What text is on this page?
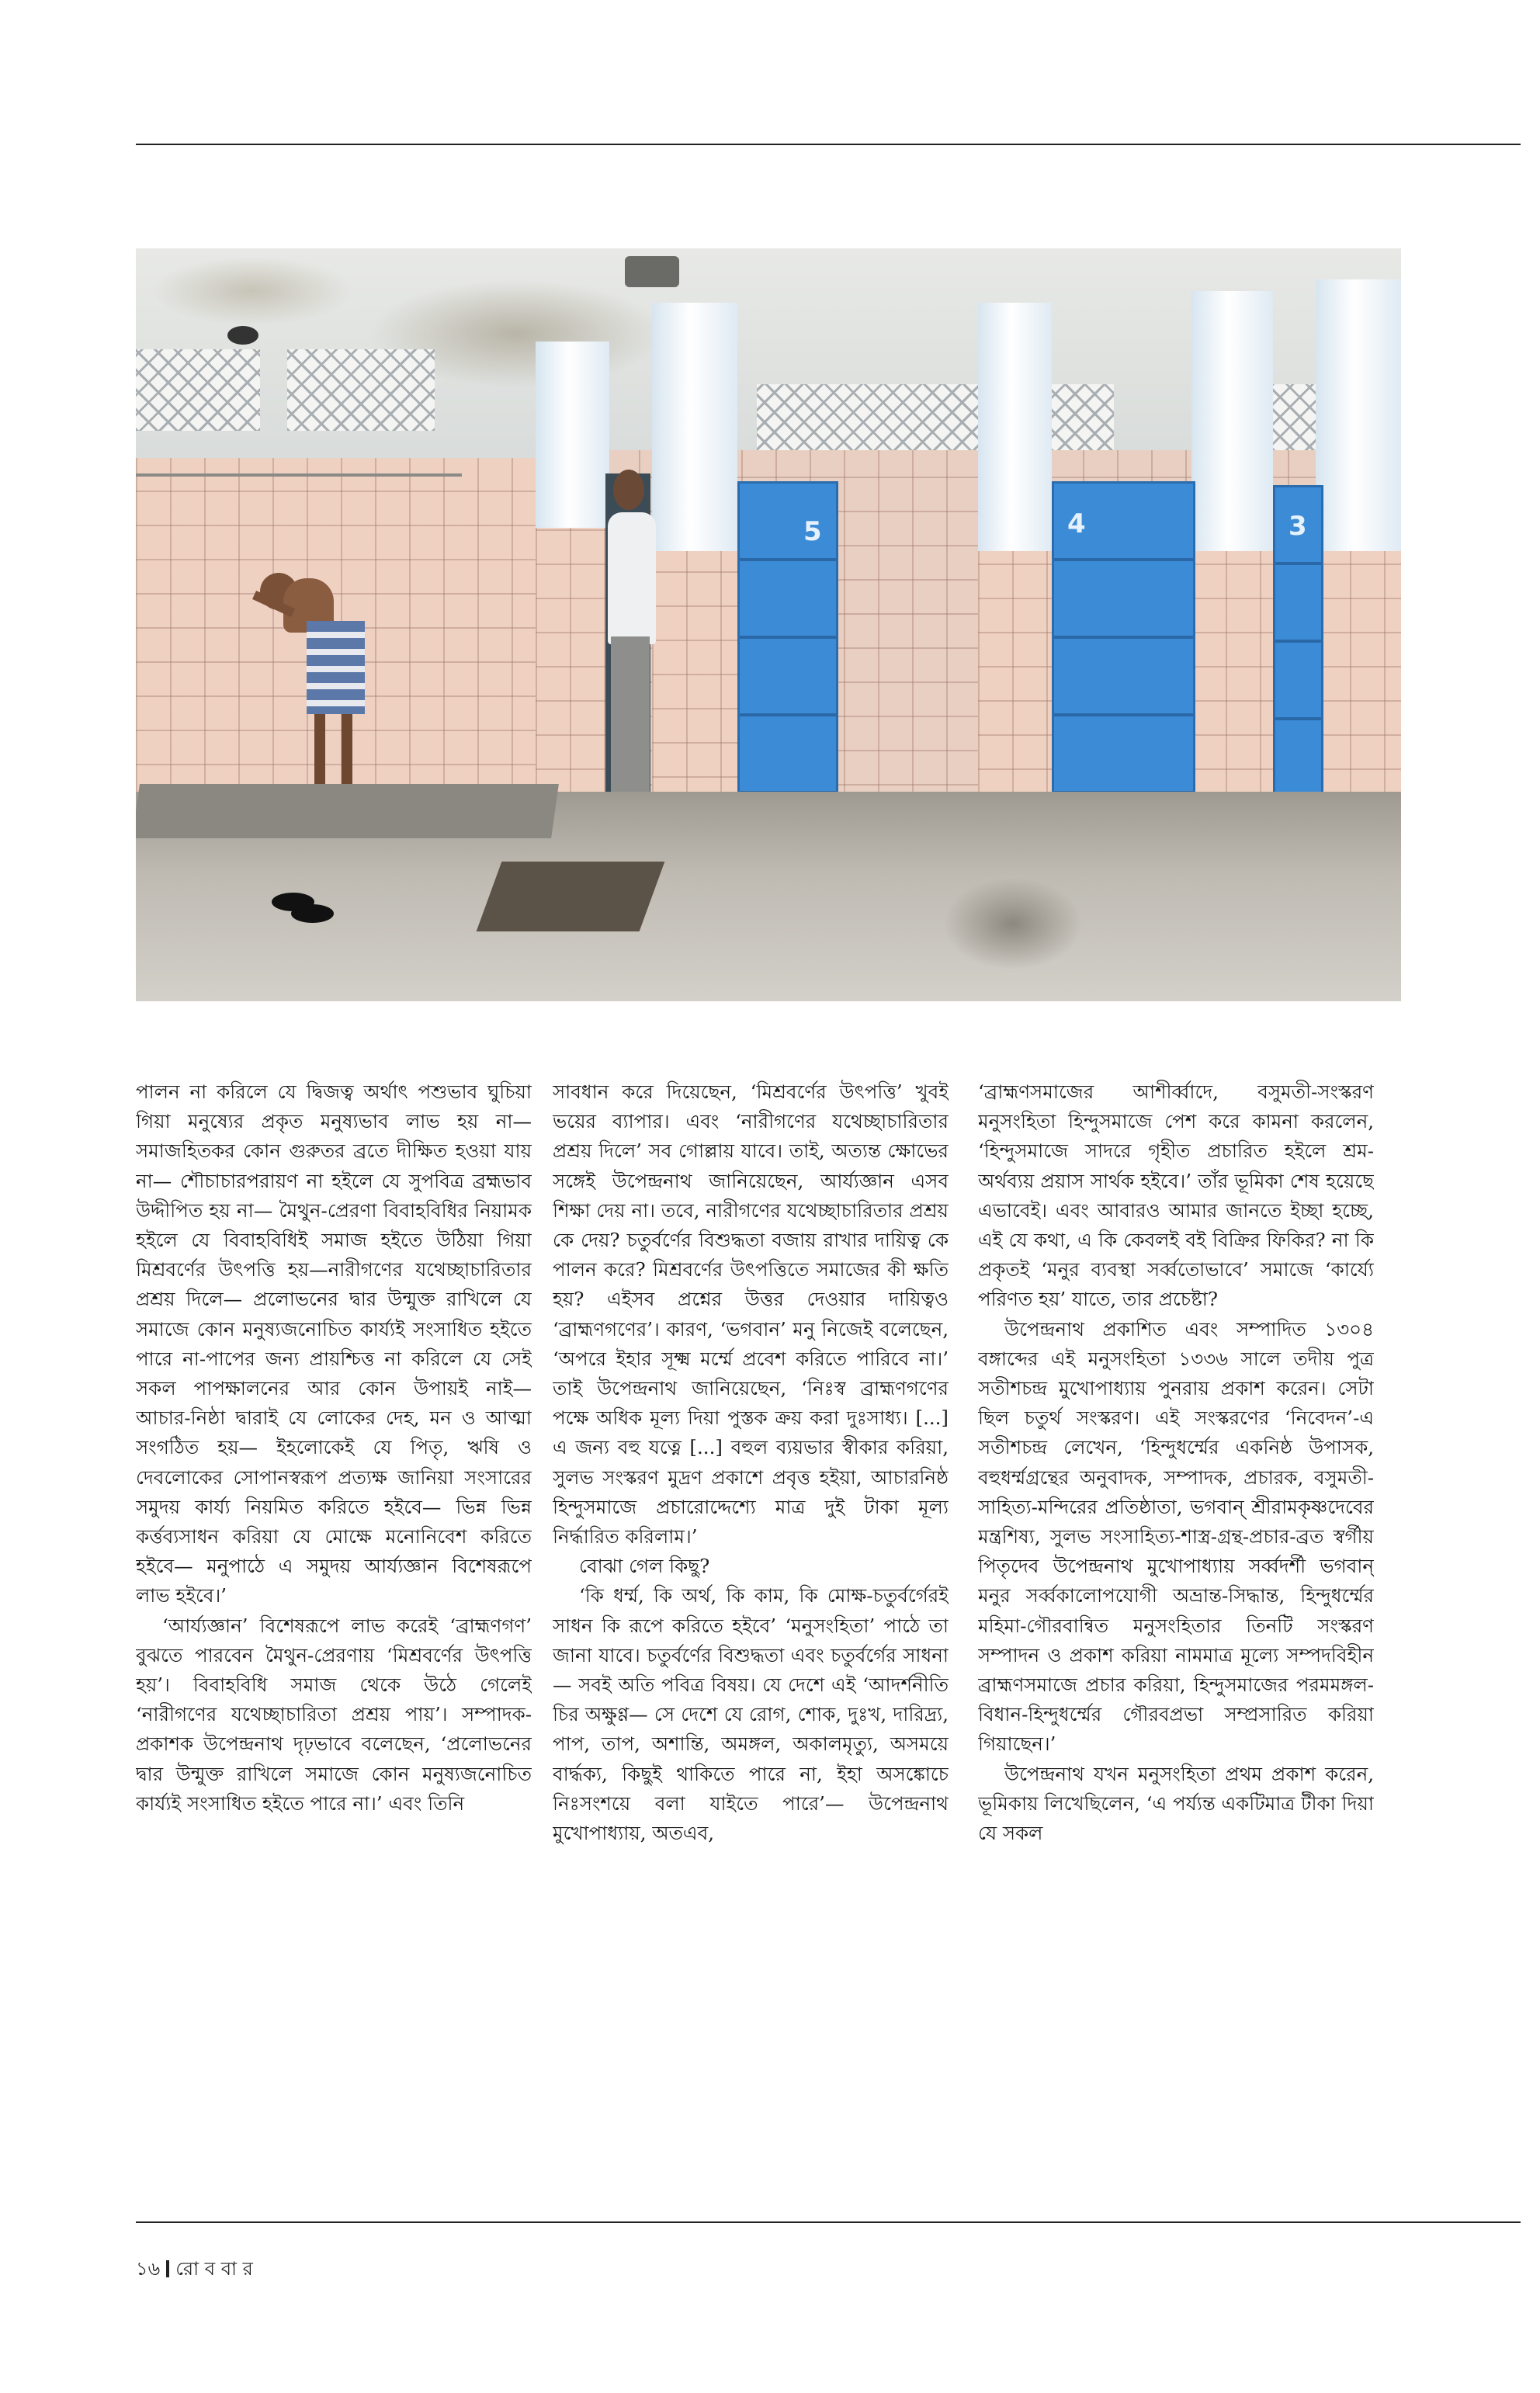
5	4	3

পালন না করিলে যে দ্বিজত্ব অর্থাৎ পশুভাব ঘুচিয়া গিয়া মনুষ্যের প্রকৃত মনুষ্যভাব লাভ হয় না— সমাজহিতকর কোন গুরুতর ব্রতে দীক্ষিত হওয়া যায় না— শৌচাচারপরায়ণ না হইলে যে সুপবিত্র ব্রহ্মভাব উদ্দীপিত হয় না— মৈথুন-প্রেরণা বিবাহবিধির নিয়ামক হইলে যে বিবাহবিধিই সমাজ হইতে উঠিয়া গিয়া মিশ্রবর্ণের উৎপত্তি হয়—নারীগণের যথেচ্ছাচারিতার প্রশ্রয় দিলে— প্রলোভনের দ্বার উন্মুক্ত রাখিলে যে সমাজে কোন মনুষ্যজনোচিত কার্য্যই সংসাধিত হইতে পারে না-পাপের জন্য প্রায়শ্চিত্ত না করিলে যে সেই সকল পাপক্ষালনের আর কোন উপায়ই নাই— আচার-নিষ্ঠা দ্বারাই যে লোকের দেহ, মন ও আত্মা সংগঠিত হয়— ইহলোকেই যে পিতৃ, ঋষি ও দেবলোকের সোপানস্বরূপ প্রত্যক্ষ জানিয়া সংসারের সমুদয় কার্য্য নিয়মিত করিতে হইবে— ভিন্ন ভিন্ন কর্ত্তব্যসাধন করিয়া যে মোক্ষে মনোনিবেশ করিতে হইবে— মনুপাঠে এ সমুদয় আর্য্যজ্ঞান বিশেষরূপে লাভ হইবে।’

‘আর্য্যজ্ঞান’ বিশেষরূপে লাভ করেই ‘ব্রাহ্মণগণ’ বুঝতে পারবেন মৈথুন-প্রেরণায় ‘মিশ্রবর্ণের উৎপত্তি হয়’। বিবাহবিধি সমাজ থেকে উঠে গেলেই ‘নারীগণের যথেচ্ছাচারিতা প্রশ্রয় পায়’। সম্পাদক-প্রকাশক উপেন্দ্রনাথ দৃঢ়ভাবে বলেছেন, ‘প্রলোভনের দ্বার উন্মুক্ত রাখিলে সমাজে কোন মনুষ্যজনোচিত কার্য্যই সংসাধিত হইতে পারে না।’ এবং তিনি

সাবধান করে দিয়েছেন, ‘মিশ্রবর্ণের উৎপত্তি’ খুবই ভয়ের ব্যাপার। এবং ‘নারীগণের যথেচ্ছাচারিতার প্রশ্রয় দিলে’ সব গোল্লায় যাবে। তাই, অত্যন্ত ক্ষোভের সঙ্গেই উপেন্দ্রনাথ জানিয়েছেন, আর্য্যজ্ঞান এসব শিক্ষা দেয় না। তবে, নারীগণের যথেচ্ছাচারিতার প্রশ্রয় কে দেয়? চতুর্বর্ণের বিশুদ্ধতা বজায় রাখার দায়িত্ব কে পালন করে? মিশ্রবর্ণের উৎপত্তিতে সমাজের কী ক্ষতি হয়? এইসব প্রশ্নের উত্তর দেওয়ার দায়িত্বও ‘ব্রাহ্মণগণের’। কারণ, ‘ভগবান’ মনু নিজেই বলেছেন, ‘অপরে ইহার সূক্ষ্ম মর্ম্মে প্রবেশ করিতে পারিবে না।’ তাই উপেন্দ্রনাথ জানিয়েছেন, ‘নিঃস্ব ব্রাহ্মণগণের পক্ষে অধিক মূল্য দিয়া পুস্তক ক্রয় করা দুঃসাধ্য। [...] এ জন্য বহু যত্নে [...] বহুল ব্যয়ভার স্বীকার করিয়া, সুলভ সংস্করণ মুদ্রণ প্রকাশে প্রবৃত্ত হইয়া, আচারনিষ্ঠ হিন্দুসমাজে প্রচারোদ্দেশ্যে মাত্র দুই টাকা মূল্য নির্দ্ধারিত করিলাম।’

বোঝা গেল কিছু?

‘কি ধর্ম্ম, কি অর্থ, কি কাম, কি মোক্ষ-চতুর্বর্গেরই সাধন কি রূপে করিতে হইবে’ ‘মনুসংহিতা’ পাঠে তা জানা যাবে। চতুর্বর্ণের বিশুদ্ধতা এবং চতুর্বর্গের সাধনা— সবই অতি পবিত্র বিষয়। যে দেশে এই ‘আদর্শনীতি চির অক্ষুণ্ণ— সে দেশে যে রোগ, শোক, দুঃখ, দারিদ্র্য, পাপ, তাপ, অশান্তি, অমঙ্গল, অকালমৃত্যু, অসময়ে বার্দ্ধক্য, কিছুই থাকিতে পারে না, ইহা অসঙ্কোচে নিঃসংশয়ে বলা যাইতে পারে’— উপেন্দ্রনাথ মুখোপাধ্যায়, অতএব,

‘ব্রাহ্মণসমাজের আশীর্ব্বাদে, বসুমতী-সংস্করণ মনুসংহিতা হিন্দুসমাজে পেশ করে কামনা করলেন, ‘হিন্দুসমাজে সাদরে গৃহীত প্রচারিত হইলে শ্রম-অর্থব্যয় প্রয়াস সার্থক হইবে।’ তাঁর ভূমিকা শেষ হয়েছে এভাবেই। এবং আবারও আমার জানতে ইচ্ছা হচ্ছে, এই যে কথা, এ কি কেবলই বই বিক্রির ফিকির? না কি প্রকৃতই ‘মনুর ব্যবস্থা সর্ব্বতোভাবে’ সমাজে ‘কার্য্যে পরিণত হয়’ যাতে, তার প্রচেষ্টা?

উপেন্দ্রনাথ প্রকাশিত এবং সম্পাদিত ১৩০৪ বঙ্গাব্দের এই মনুসংহিতা ১৩৩৬ সালে তদীয় পুত্র সতীশচন্দ্র মুখোপাধ্যায় পুনরায় প্রকাশ করেন। সেটা ছিল চতুর্থ সংস্করণ। এই সংস্করণের ‘নিবেদন’-এ সতীশচন্দ্র লেখেন, ‘হিন্দুধর্ম্মের একনিষ্ঠ উপাসক, বহুধর্ম্মগ্রন্থের অনুবাদক, সম্পাদক, প্রচারক, বসুমতী-সাহিত্য-মন্দিরের প্রতিষ্ঠাতা, ভগবান্ শ্রীরামকৃষ্ণদেবের মন্ত্রশিষ্য, সুলভ সংসাহিত্য-শাস্ত্র-গ্রন্থ-প্রচার-ব্রত স্বর্গীয় পিতৃদেব উপেন্দ্রনাথ মুখোপাধ্যায় সর্ব্বদর্শী ভগবান্ মনুর সর্ব্বকালোপযোগী অভ্রান্ত-সিদ্ধান্ত, হিন্দুধর্ম্মের মহিমা-গৌরবান্বিত মনুসংহিতার তিনটি সংস্করণ সম্পাদন ও প্রকাশ করিয়া নামমাত্র মূল্যে সম্পদবিহীন ব্রাহ্মণসমাজে প্রচার করিয়া, হিন্দুসমাজের পরমমঙ্গল-বিধান-হিন্দুধর্ম্মের গৌরবপ্রভা সম্প্রসারিত করিয়া গিয়াছেন।’

উপেন্দ্রনাথ যখন মনুসংহিতা প্রথম প্রকাশ করেন, ভূমিকায় লিখেছিলেন, ‘এ পর্য্যন্ত একটিমাত্র টীকা দিয়া যে সকল

১৬ রো ব বা র
